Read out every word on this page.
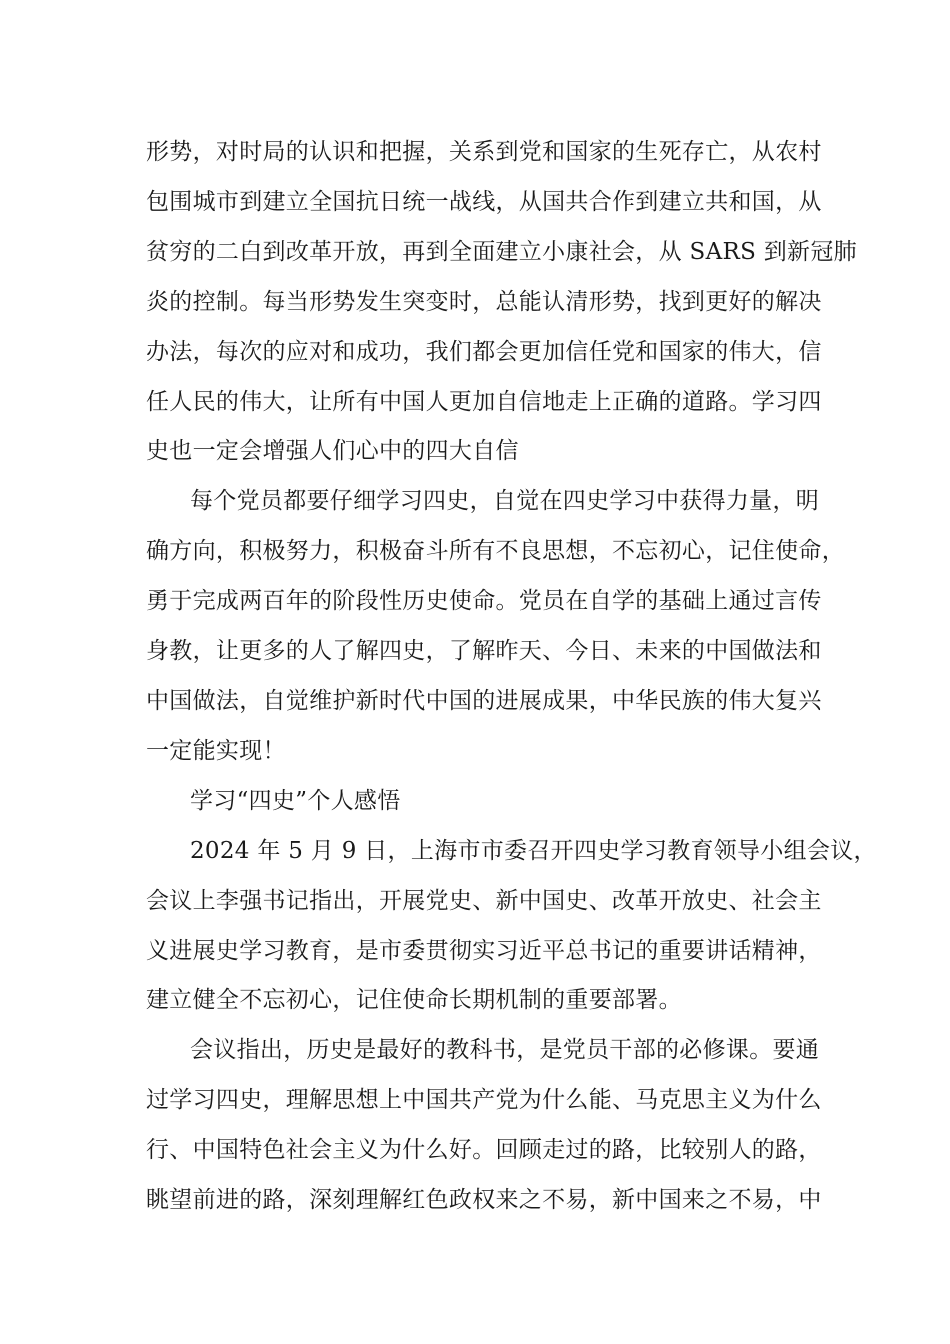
形势，对时局的认识和把握，关系到党和国家的生死存亡，从农村
包围城市到建立全国抗日统一战线，从国共合作到建立共和国，从
贫穷的二白到改革开放，再到全面建立小康社会，从 SARS 到新冠肺
炎的控制。每当形势发生突变时，总能认清形势，找到更好的解决
办法，每次的应对和成功，我们都会更加信任党和国家的伟大，信
任人民的伟大，让所有中国人更加自信地走上正确的道路。学习四
史也一定会增强人们心中的四大自信
每个党员都要仔细学习四史，自觉在四史学习中获得力量，明
确方向，积极努力，积极奋斗所有不良思想，不忘初心，记住使命，
勇于完成两百年的阶段性历史使命。党员在自学的基础上通过言传
身教，让更多的人了解四史，了解昨天、今日、未来的中国做法和
中国做法，自觉维护新时代中国的进展成果，中华民族的伟大复兴
一定能实现！
学习“四史”个人感悟
2024 年 5 月 9 日，上海市市委召开四史学习教育领导小组会议，
会议上李强书记指出，开展党史、新中国史、改革开放史、社会主
义进展史学习教育，是市委贯彻实习近平总书记的重要讲话精神，
建立健全不忘初心，记住使命长期机制的重要部署。
会议指出，历史是最好的教科书，是党员干部的必修课。要通
过学习四史，理解思想上中国共产党为什么能、马克思主义为什么
行、中国特色社会主义为什么好。回顾走过的路，比较别人的路，
眺望前进的路，深刻理解红色政权来之不易，新中国来之不易，中
